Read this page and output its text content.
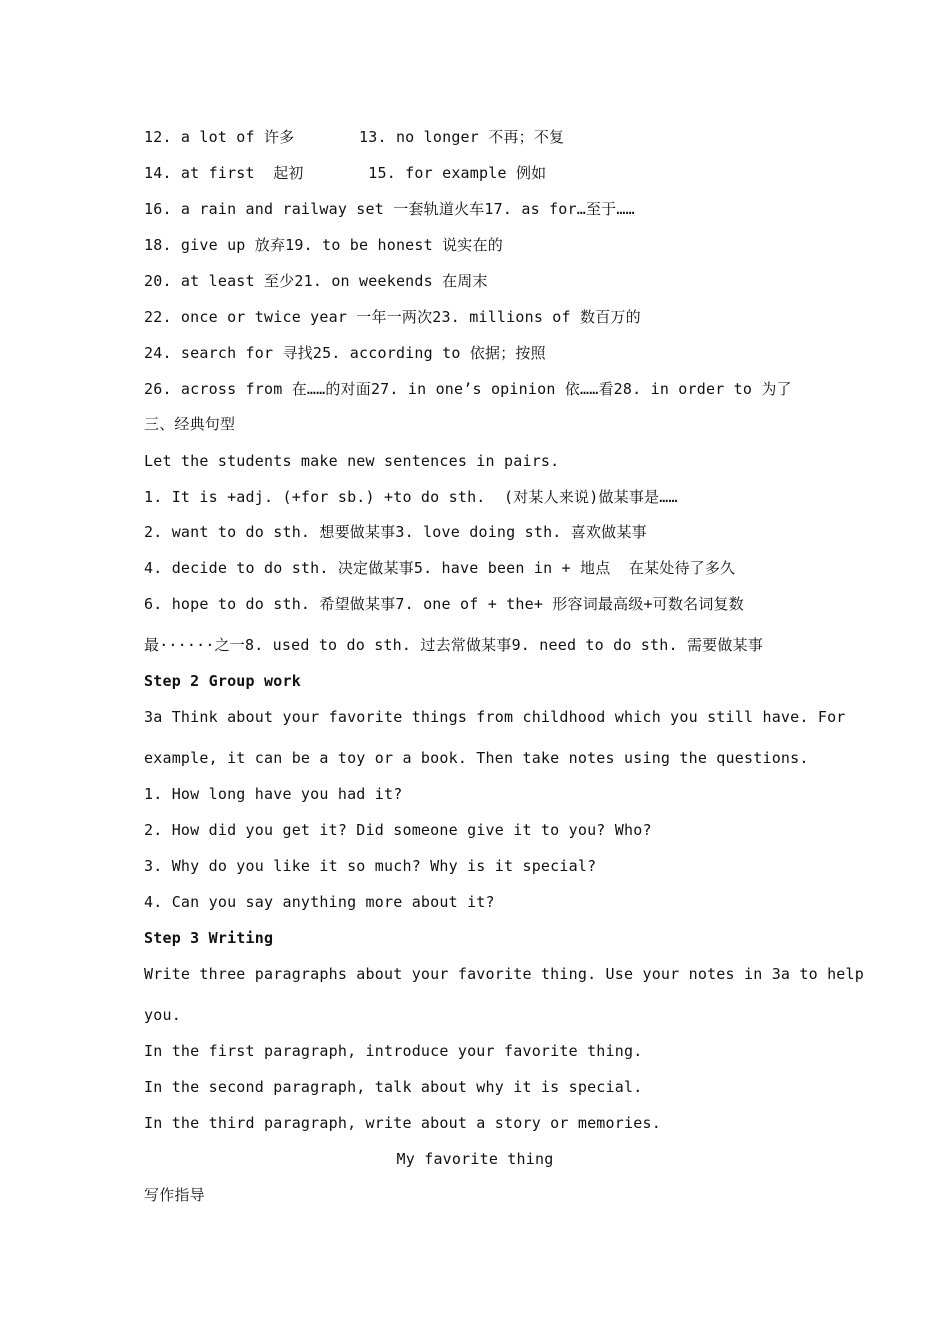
12. a lot of 许多       13. no longer 不再；不复
14. at first  起初       15. for example 例如
16. a rain and railway set 一套轨道火车17. as for…至于……
18. give up 放弃19. to be honest 说实在的
20. at least 至少21. on weekends 在周末
22. once or twice year 一年一两次23. millions of 数百万的
24. search for 寻找25. according to 依据；按照
26. across from 在……的对面27. in one’s opinion 依……看28. in order to 为了
三、经典句型
Let the students make new sentences in pairs.
1. It is +adj. (+for sb.) +to do sth.  (对某人来说)做某事是……
2. want to do sth. 想要做某事3. love doing sth. 喜欢做某事
4. decide to do sth. 决定做某事5. have been in + 地点  在某处待了多久
6. hope to do sth. 希望做某事7. one of + the+ 形容词最高级+可数名词复数
最······之一8. used to do sth. 过去常做某事9. need to do sth. 需要做某事
Step 2 Group work
3a Think about your favorite things from childhood which you still have. For
example, it can be a toy or a book. Then take notes using the questions.
1. How long have you had it?
2. How did you get it? Did someone give it to you? Who?
3. Why do you like it so much? Why is it special?
4. Can you say anything more about it?
Step 3 Writing
Write three paragraphs about your favorite thing. Use your notes in 3a to help
you.
In the first paragraph, introduce your favorite thing.
In the second paragraph, talk about why it is special.
In the third paragraph, write about a story or memories.
My favorite thing
写作指导
